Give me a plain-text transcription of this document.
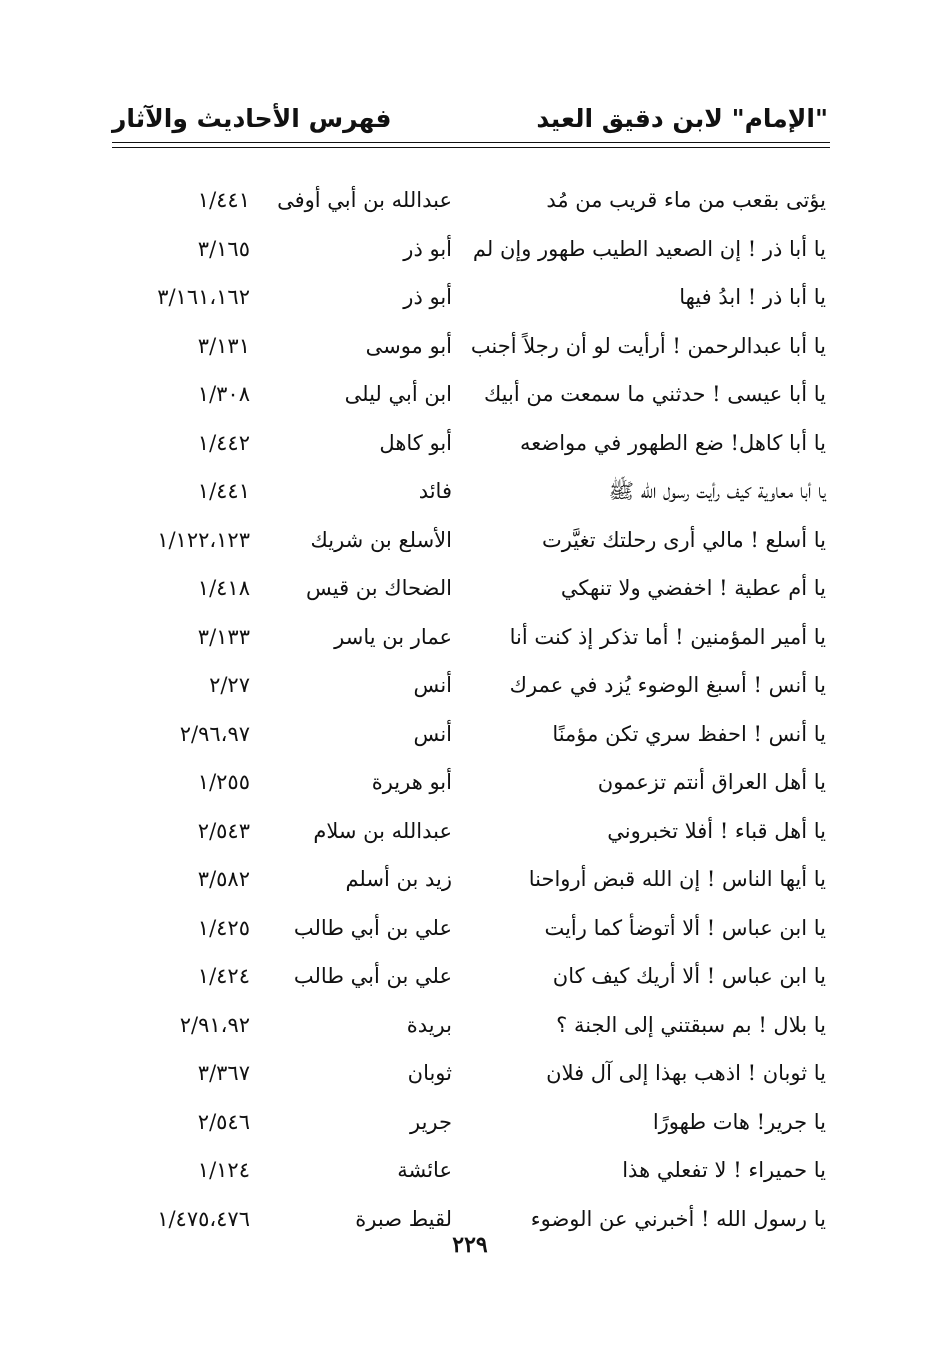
"الإمام" لابن دقيق العيد
فهرس الأحاديث والآثار
يؤتى بقعب من ماء قريب من مُد
عبدالله بن أبي أوفى
١/٤٤١
يا أبا ذر ! إن الصعيد الطيب طهور وإن لم
أبو ذر
٣/١٦٥
يا أبا ذر ! ابدُ فيها
أبو ذر
٣/١٦١،١٦٢
يا أبا عبدالرحمن ! أرأيت لو أن رجلاً أجنب
أبو موسى
٣/١٣١
يا أبا عيسى ! حدثني ما سمعت من أبيك
ابن أبي ليلى
١/٣٠٨
يا أبا كاهل! ضع الطهور في مواضعه
أبو كاهل
١/٤٤٢
يا أبا معاوية كيف رأيت رسول الله ﷺ
فائد
١/٤٤١
يا أسلع ! مالي أرى رحلتك تغيَّرت
الأسلع بن شريك
١/١٢٢،١٢٣
يا أم عطية ! اخفضي ولا تنهكي
الضحاك بن قيس
١/٤١٨
يا أمير المؤمنين ! أما تذكر إذ كنت أنا
عمار بن ياسر
٣/١٣٣
يا أنس ! أسبغ الوضوء يُزد في عمرك
أنس
٢/٢٧
يا أنس ! احفظ سري تكن مؤمنًا
أنس
٢/٩٦،٩٧
يا أهل العراق أنتم تزعمون
أبو هريرة
١/٢٥٥
يا أهل قباء ! أفلا تخبروني
عبدالله بن سلام
٢/٥٤٣
يا أيها الناس ! إن الله قبض أرواحنا
زيد بن أسلم
٣/٥٨٢
يا ابن عباس ! ألا أتوضأ كما رأيت
علي بن أبي طالب
١/٤٢٥
يا ابن عباس ! ألا أريك كيف كان
علي بن أبي طالب
١/٤٢٤
يا بلال ! بم سبقتني إلى الجنة ؟
بريدة
٢/٩١،٩٢
يا ثوبان ! اذهب بهذا إلى آل فلان
ثوبان
٣/٣٦٧
يا جرير! هات طهورًا
جرير
٢/٥٤٦
يا حميراء ! لا تفعلي هذا
عائشة
١/١٢٤
يا رسول الله ! أخبرني عن الوضوء
لقيط صبرة
١/٤٧٥،٤٧٦
٢٢٩
